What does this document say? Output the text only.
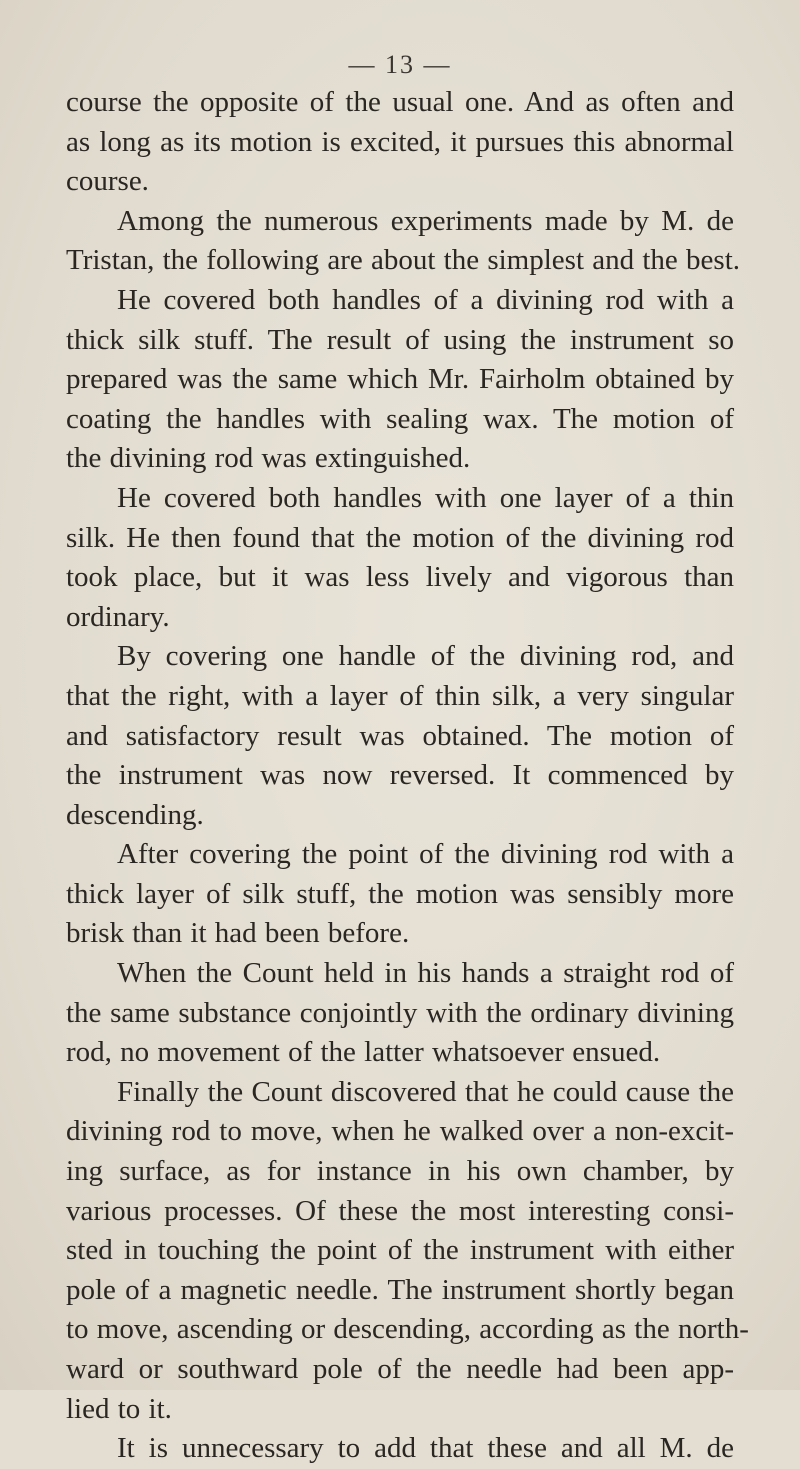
— 13 —
course the opposite of the usual one. And as often and
as long as its motion is excited, it pursues this abnormal
course.
Among the numerous experiments made by M. de
Tristan, the following are about the simplest and the best.
He covered both handles of a divining rod with a
thick silk stuff. The result of using the instrument so
prepared was the same which Mr. Fairholm obtained by
coating the handles with sealing wax. The motion of
the divining rod was extinguished.
He covered both handles with one layer of a thin
silk. He then found that the motion of the divining rod
took place, but it was less lively and vigorous than
ordinary.
By covering one handle of the divining rod, and
that the right, with a layer of thin silk, a very singular
and satisfactory result was obtained. The motion of
the instrument was now reversed. It commenced by
descending.
After covering the point of the divining rod with a
thick layer of silk stuff, the motion was sensibly more
brisk than it had been before.
When the Count held in his hands a straight rod of
the same substance conjointly with the ordinary divining
rod, no movement of the latter whatsoever ensued.
Finally the Count discovered that he could cause the
divining rod to move, when he walked over a non-excit-
ing surface, as for instance in his own chamber, by
various processes. Of these the most interesting consi-
sted in touching the point of the instrument with either
pole of a magnetic needle. The instrument shortly began
to move, ascending or descending, according as the north-
ward or southward pole of the needle had been app-
lied to it.
It is unnecessary to add that these and all M. de
